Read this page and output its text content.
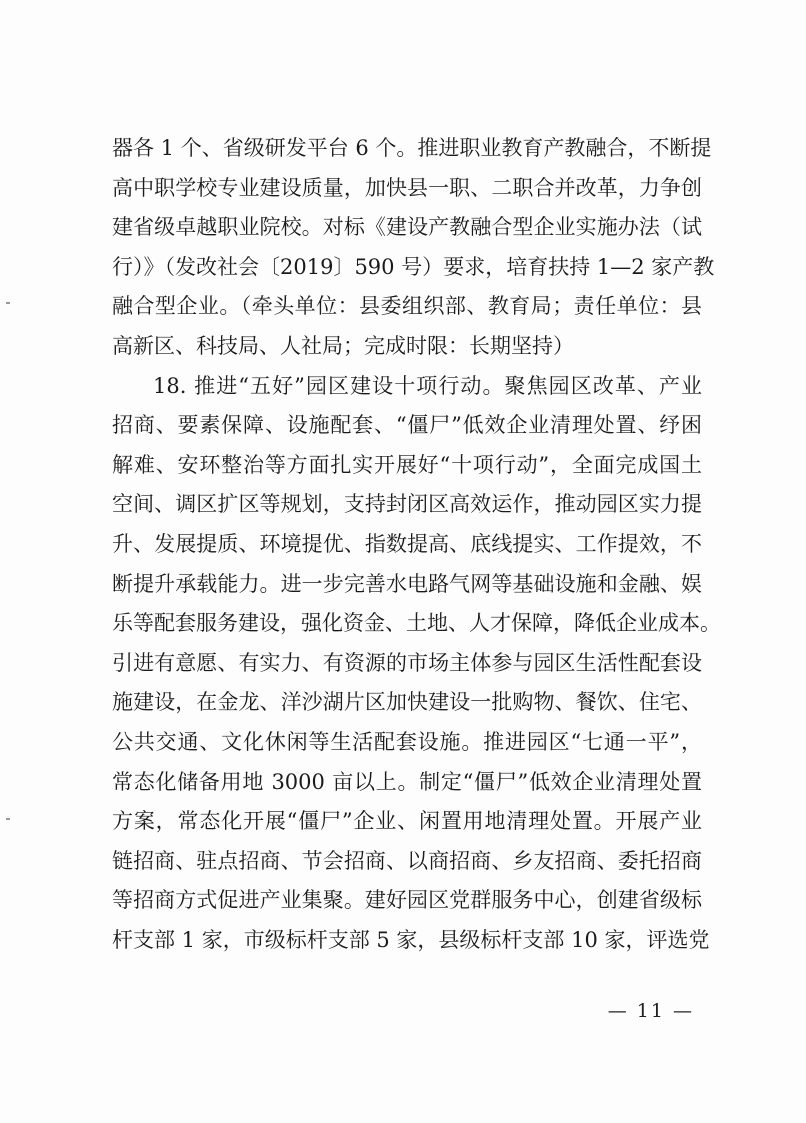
器各 1 个、省级研发平台 6 个。推进职业教育产教融合，不断提
高中职学校专业建设质量，加快县一职、二职合并改革，力争创
建省级卓越职业院校。对标《建设产教融合型企业实施办法（试
行）》（发改社会〔2019〕590 号）要求，培育扶持 1—2 家产教
融合型企业。（牵头单位：县委组织部、教育局；责任单位：县
高新区、科技局、人社局；完成时限：长期坚持）
18. 推进“五好”园区建设十项行动。聚焦园区改革、产业
招商、要素保障、设施配套、“僵尸”低效企业清理处置、纾困
解难、安环整治等方面扎实开展好“十项行动”，全面完成国土
空间、调区扩区等规划，支持封闭区高效运作，推动园区实力提
升、发展提质、环境提优、指数提高、底线提实、工作提效，不
断提升承载能力。进一步完善水电路气网等基础设施和金融、娱
乐等配套服务建设，强化资金、土地、人才保障，降低企业成本。
引进有意愿、有实力、有资源的市场主体参与园区生活性配套设
施建设，在金龙、洋沙湖片区加快建设一批购物、餐饮、住宅、
公共交通、文化休闲等生活配套设施。推进园区“七通一平”，
常态化储备用地 3000 亩以上。制定“僵尸”低效企业清理处置
方案，常态化开展“僵尸”企业、闲置用地清理处置。开展产业
链招商、驻点招商、节会招商、以商招商、乡友招商、委托招商
等招商方式促进产业集聚。建好园区党群服务中心，创建省级标
杆支部 1 家，市级标杆支部 5 家，县级标杆支部 10 家，评选党
— 11 —
